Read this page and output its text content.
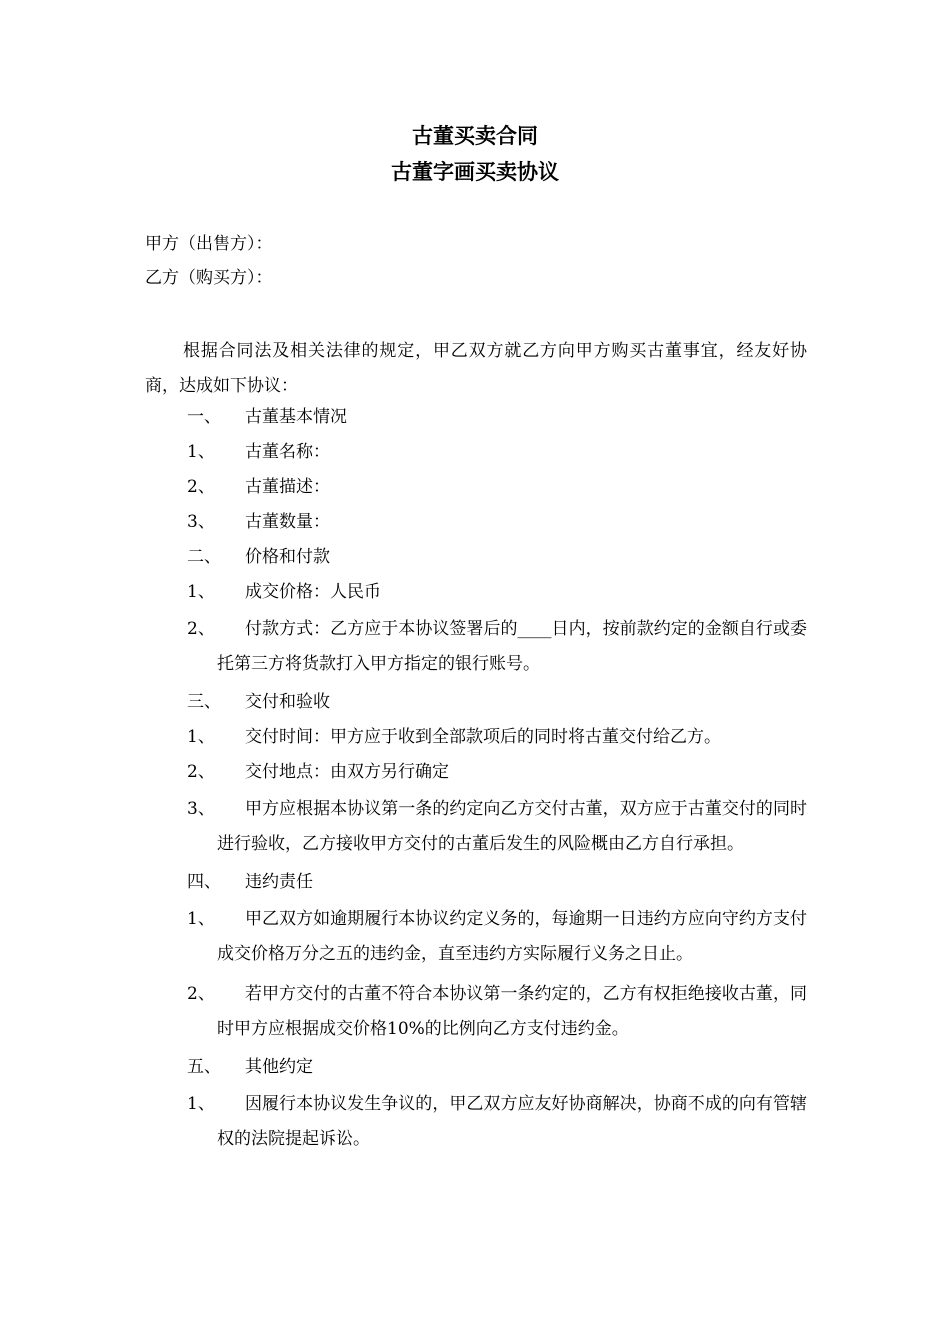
古董买卖合同
古董字画买卖协议
甲方（出售方）：
乙方（购买方）：
根据合同法及相关法律的规定，甲乙双方就乙方向甲方购买古董事宜，经友好协商，达成如下协议：
一、	古董基本情况
1、	古董名称：
2、	古董描述：
3、	古董数量：
二、	价格和付款
1、	成交价格：人民币
2、	付款方式：乙方应于本协议签署后的____日内，按前款约定的金额自行或委托第三方将货款打入甲方指定的银行账号。
三、	交付和验收
1、	交付时间：甲方应于收到全部款项后的同时将古董交付给乙方。
2、	交付地点：由双方另行确定
3、	甲方应根据本协议第一条的约定向乙方交付古董，双方应于古董交付的同时进行验收，乙方接收甲方交付的古董后发生的风险概由乙方自行承担。
四、	违约责任
1、	甲乙双方如逾期履行本协议约定义务的，每逾期一日违约方应向守约方支付成交价格万分之五的违约金，直至违约方实际履行义务之日止。
2、	若甲方交付的古董不符合本协议第一条约定的，乙方有权拒绝接收古董，同时甲方应根据成交价格10%的比例向乙方支付违约金。
五、	其他约定
1、	因履行本协议发生争议的，甲乙双方应友好协商解决，协商不成的向有管辖权的法院提起诉讼。
